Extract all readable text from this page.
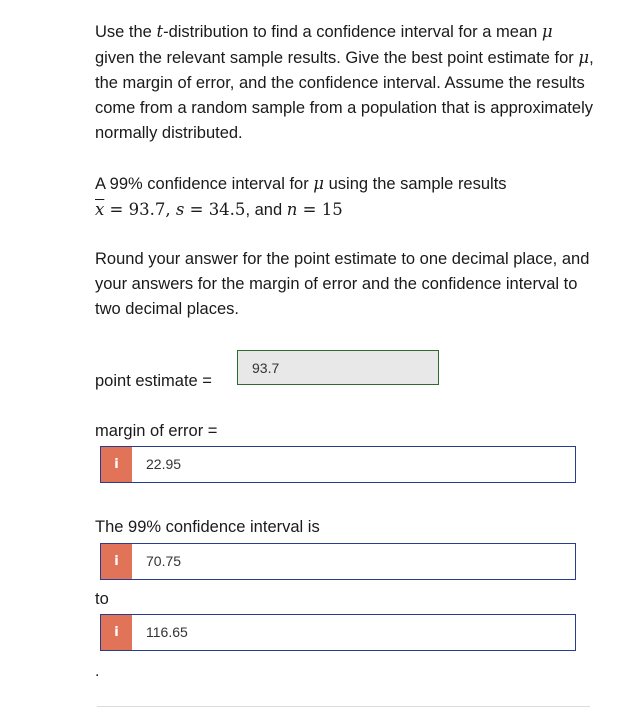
Use the t-distribution to find a confidence interval for a mean μ given the relevant sample results. Give the best point estimate for μ, the margin of error, and the confidence interval. Assume the results come from a random sample from a population that is approximately normally distributed.
A 99% confidence interval for μ using the sample results
$\overline{x} = 93.7$, s = 34.5, and n = 15
Round your answer for the point estimate to one decimal place, and your answers for the margin of error and the confidence interval to two decimal places.
point estimate =
93.7
margin of error =
i	22.95
The 99% confidence interval is
i	70.75
to
i	116.65
.
